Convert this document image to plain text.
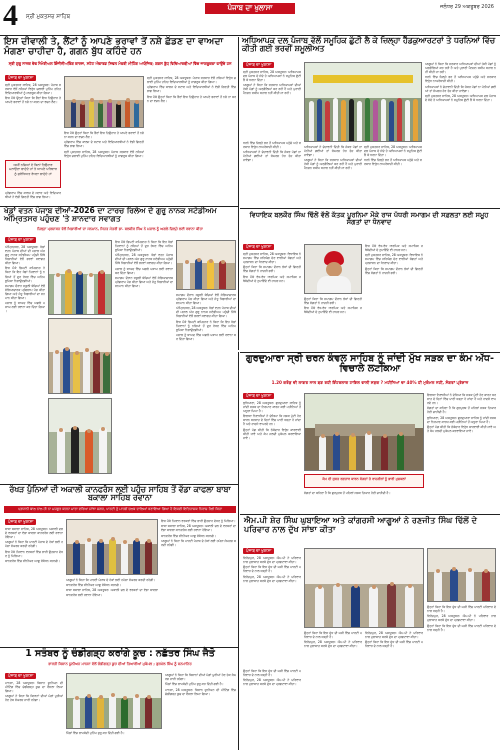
4 ਸ੍ਰੀ ਮੁਕਤਸਰ ਸਾਹਿਬ
ਪੰਜਾਬ ਦਾ ਖੁਲਾਸਾ	ਜਲੰਧਰ 29 ਅਕਤੂਬਰ 2026
ਇਸ ਦੀਵਾਲੀ ਤੇ, ਲੈਂਟਾਂ ਨੂੰ ਆਪਣੇ ਭਰਾਵਾਂ ਤੋਂ ਨਸ਼ੇ ਛੱਡਣ ਦਾ ਵਾਅਦਾ ਮੰਗਣਾ ਚਾਹੀਦਾ ਹੈ, ਗਗਨ ਬੁੱਧ ਕਹਿੰਦੇ ਹਨ
ਸ੍ਰੀ ਗੁਰੂ ਨਾਨਕ ਦੇਵ ਮੈਮੋਰੀਅਲ ਇੰਜੀਨੀਅਰਿੰਗ ਕਾਲਜ, ਸਟੇਟ ਐਵਾਰਡ ਸਿਵਲ ਮੰਤਰੀ ਮੀਟਿੰਗ ਆਯੋਜਿਤ; ਗਗਨ ਬੁੱਧ ਵਿਦਿਆਰਥੀਆਂ ਵਿੱਚ ਜਾਗਰੂਕਤਾ ਫਾਉਂਦੇ ਹਨ
ਪੰਜਾਬ ਦਾ ਖੁਲਾਸਾ

ਸ੍ਰੀ ਮੁਕਤਸਰ ਸਾਹਿਬ, 28 ਅਕਤੂਬਰ: ਪੰਜਾਬ ਸਰਕਾਰ ਵੱਲੋਂ ਨਸ਼ਿਆਂ ਵਿਰੁੱਧ ਚਲਾਈ ਮੁਹਿੰਮ ਤਹਿਤ ਵਿਦਿਆਰਥੀਆਂ ਨੂੰ ਜਾਗਰੂਕ ਕੀਤਾ ਗਿਆ।

ਇਸ ਮੌਕੇ ਉਨ੍ਹਾਂ ਕਿਹਾ ਕਿ ਭੈਣਾਂ ਇਸ ਤਿਉਹਾਰ ਤੇ ਆਪਣੇ ਭਰਾਵਾਂ ਤੋਂ ਨਸ਼ੇ ਨਾ ਕਰਨ ਦਾ ਵਚਨ ਲੈਣ।

ਅਸੀਂ ਨਸ਼ਿਆਂ ਦੇ ਬਿਨਾਂ ਤਿਉਹਾਰ ਮਨਾਉਣਾ ਚਾਹੁੰਦੇ ਹਾਂ ਤੇ ਆਪਣੇ ਪਰਿਵਾਰ ਨੂੰ ਸੁਰੱਖਿਅਤ ਰੱਖਣਾ ਚਾਹੁੰਦੇ ਹਾਂ

ਪ੍ਰੋਗਰਾਮ ਵਿੱਚ ਕਾਲਜ ਦੇ ਸਟਾਫ ਅਤੇ ਵਿਦਿਆਰਥੀਆਂ ਨੇ ਵੱਡੀ ਗਿਣਤੀ ਵਿੱਚ ਭਾਗ ਲਿਆ।

ਇਸ ਮੌਕੇ ਉਨ੍ਹਾਂ ਕਿਹਾ ਕਿ ਭੈਣਾਂ ਇਸ ਤਿਉਹਾਰ ਤੇ ਆਪਣੇ ਭਰਾਵਾਂ ਤੋਂ ਨਸ਼ੇ ਨਾ ਕਰਨ ਦਾ ਵਚਨ ਲੈਣ।

ਪ੍ਰੋਗਰਾਮ ਵਿੱਚ ਕਾਲਜ ਦੇ ਸਟਾਫ ਅਤੇ ਵਿਦਿਆਰਥੀਆਂ ਨੇ ਵੱਡੀ ਗਿਣਤੀ ਵਿੱਚ ਭਾਗ ਲਿਆ।

ਸ੍ਰੀ ਮੁਕਤਸਰ ਸਾਹਿਬ, 28 ਅਕਤੂਬਰ: ਪੰਜਾਬ ਸਰਕਾਰ ਵੱਲੋਂ ਨਸ਼ਿਆਂ ਵਿਰੁੱਧ ਚਲਾਈ ਮੁਹਿੰਮ ਤਹਿਤ ਵਿਦਿਆਰਥੀਆਂ ਨੂੰ ਜਾਗਰੂਕ ਕੀਤਾ ਗਿਆ।

ਸ੍ਰੀ ਮੁਕਤਸਰ ਸਾਹਿਬ, 28 ਅਕਤੂਬਰ: ਪੰਜਾਬ ਸਰਕਾਰ ਵੱਲੋਂ ਨਸ਼ਿਆਂ ਵਿਰੁੱਧ ਚਲਾਈ ਮੁਹਿੰਮ ਤਹਿਤ ਵਿਦਿਆਰਥੀਆਂ ਨੂੰ ਜਾਗਰੂਕ ਕੀਤਾ ਗਿਆ।

ਪ੍ਰੋਗਰਾਮ ਵਿੱਚ ਕਾਲਜ ਦੇ ਸਟਾਫ ਅਤੇ ਵਿਦਿਆਰਥੀਆਂ ਨੇ ਵੱਡੀ ਗਿਣਤੀ ਵਿੱਚ ਭਾਗ ਲਿਆ।

ਇਸ ਮੌਕੇ ਉਨ੍ਹਾਂ ਕਿਹਾ ਕਿ ਭੈਣਾਂ ਇਸ ਤਿਉਹਾਰ ਤੇ ਆਪਣੇ ਭਰਾਵਾਂ ਤੋਂ ਨਸ਼ੇ ਨਾ ਕਰਨ ਦਾ ਵਚਨ ਲੈਣ।

ਖੇਡਾਂ ਵਤਨ ਪੰਜਾਬ ਦੀਆਂ-2026 ਦਾ ਟਾਰਚ ਰਿਲੇਅ ਦੇ ਗੁਰੂ ਨਾਨਕ ਸਟੇਡੀਅਮ ਅੰਮ੍ਰਿਤਸਰ ਪਹੁੰਚਣ 'ਤੇ ਸ਼ਾਨਦਾਰ ਸਵਾਗਤ
ਜ਼ਿਲ੍ਹਾ ਪ੍ਰਸ਼ਾਸਨ ਵੱਲੋਂ ਖਿਡਾਰੀਆਂ ਦਾ ਸਨਮਾਨ, ਸਿਹਤ ਮੰਤਰੀ ਡਾ. ਬਲਬੀਰ ਸਿੰਘ ਨੇ ਮਸ਼ਾਲ ਨੂੰ ਅਗਲੇ ਜ਼ਿਲ੍ਹੇ ਲਈ ਰਵਾਨਾ ਕੀਤਾ
ਪੰਜਾਬ ਦਾ ਖੁਲਾਸਾ

ਅੰਮ੍ਰਿਤਸਰ, 28 ਅਕਤੂਬਰ: ਖੇਡਾਂ ਵਤਨ ਪੰਜਾਬ ਦੀਆਂ ਦੀ ਮਸ਼ਾਲ ਅੱਜ ਗੁਰੂ ਨਾਨਕ ਸਟੇਡੀਅਮ ਪਹੁੰਚੀ ਜਿੱਥੇ ਖਿਡਾਰੀਆਂ ਵੱਲੋਂ ਭਰਵਾਂ ਸਵਾਗਤ ਕੀਤਾ ਗਿਆ।

ਇਸ ਮੌਕੇ ਡਿਪਟੀ ਕਮਿਸ਼ਨਰ ਨੇ ਕਿਹਾ ਕਿ ਇਹ ਖੇਡਾਂ ਨੌਜਵਾਨਾਂ ਨੂੰ ਨਸ਼ਿਆਂ ਤੋਂ ਦੂਰ ਰੱਖਣ ਵਿੱਚ ਅਹਿਮ ਭੂਮਿਕਾ ਨਿਭਾਉਣਗੀਆਂ।

ਸਮਾਗਮ ਦੌਰਾਨ ਸਕੂਲੀ ਬੱਚਿਆਂ ਵੱਲੋਂ ਸੱਭਿਆਚਾਰਕ ਪ੍ਰੋਗਰਾਮ ਪੇਸ਼ ਕੀਤਾ ਗਿਆ ਅਤੇ ਜੇਤੂ ਖਿਡਾਰੀਆਂ ਦਾ ਸਨਮਾਨ ਕੀਤਾ ਗਿਆ।

ਮਸ਼ਾਲ ਨੂੰ ਬਾਅਦ ਵਿੱਚ ਅਗਲੇ ਪੜਾਅ ਲਈ ਰਵਾਨਾ ਕਰ ਦਿੱਤਾ ਗਿਆ।

ਇਸ ਮੌਕੇ ਡਿਪਟੀ ਕਮਿਸ਼ਨਰ ਨੇ ਕਿਹਾ ਕਿ ਇਹ ਖੇਡਾਂ ਨੌਜਵਾਨਾਂ ਨੂੰ ਨਸ਼ਿਆਂ ਤੋਂ ਦੂਰ ਰੱਖਣ ਵਿੱਚ ਅਹਿਮ ਭੂਮਿਕਾ ਨਿਭਾਉਣਗੀਆਂ।

ਅੰਮ੍ਰਿਤਸਰ, 28 ਅਕਤੂਬਰ: ਖੇਡਾਂ ਵਤਨ ਪੰਜਾਬ ਦੀਆਂ ਦੀ ਮਸ਼ਾਲ ਅੱਜ ਗੁਰੂ ਨਾਨਕ ਸਟੇਡੀਅਮ ਪਹੁੰਚੀ ਜਿੱਥੇ ਖਿਡਾਰੀਆਂ ਵੱਲੋਂ ਭਰਵਾਂ ਸਵਾਗਤ ਕੀਤਾ ਗਿਆ।

ਮਸ਼ਾਲ ਨੂੰ ਬਾਅਦ ਵਿੱਚ ਅਗਲੇ ਪੜਾਅ ਲਈ ਰਵਾਨਾ ਕਰ ਦਿੱਤਾ ਗਿਆ।

ਸਮਾਗਮ ਦੌਰਾਨ ਸਕੂਲੀ ਬੱਚਿਆਂ ਵੱਲੋਂ ਸੱਭਿਆਚਾਰਕ ਪ੍ਰੋਗਰਾਮ ਪੇਸ਼ ਕੀਤਾ ਗਿਆ ਅਤੇ ਜੇਤੂ ਖਿਡਾਰੀਆਂ ਦਾ ਸਨਮਾਨ ਕੀਤਾ ਗਿਆ।

ਸਮਾਗਮ ਦੌਰਾਨ ਸਕੂਲੀ ਬੱਚਿਆਂ ਵੱਲੋਂ ਸੱਭਿਆਚਾਰਕ ਪ੍ਰੋਗਰਾਮ ਪੇਸ਼ ਕੀਤਾ ਗਿਆ ਅਤੇ ਜੇਤੂ ਖਿਡਾਰੀਆਂ ਦਾ ਸਨਮਾਨ ਕੀਤਾ ਗਿਆ।

ਅੰਮ੍ਰਿਤਸਰ, 28 ਅਕਤੂਬਰ: ਖੇਡਾਂ ਵਤਨ ਪੰਜਾਬ ਦੀਆਂ ਦੀ ਮਸ਼ਾਲ ਅੱਜ ਗੁਰੂ ਨਾਨਕ ਸਟੇਡੀਅਮ ਪਹੁੰਚੀ ਜਿੱਥੇ ਖਿਡਾਰੀਆਂ ਵੱਲੋਂ ਭਰਵਾਂ ਸਵਾਗਤ ਕੀਤਾ ਗਿਆ।

ਇਸ ਮੌਕੇ ਡਿਪਟੀ ਕਮਿਸ਼ਨਰ ਨੇ ਕਿਹਾ ਕਿ ਇਹ ਖੇਡਾਂ ਨੌਜਵਾਨਾਂ ਨੂੰ ਨਸ਼ਿਆਂ ਤੋਂ ਦੂਰ ਰੱਖਣ ਵਿੱਚ ਅਹਿਮ ਭੂਮਿਕਾ ਨਿਭਾਉਣਗੀਆਂ।

ਮਸ਼ਾਲ ਨੂੰ ਬਾਅਦ ਵਿੱਚ ਅਗਲੇ ਪੜਾਅ ਲਈ ਰਵਾਨਾ ਕਰ ਦਿੱਤਾ ਗਿਆ।

ਅਧਿਆਪਕ ਦਲ ਪੰਜਾਬ ਵੱਲੋਂ ਸਮੂਹਿਕ ਛੁੱਟੀ ਲੈ ਕੇ ਜ਼ਿਲ੍ਹਾ ਹੈੱਡਕੁਆਰਟਰਾਂ ਤੇ ਧਰਨਿਆਂ ਵਿੱਚ ਕੀਤੀ ਗਈ ਭਰਵੀਂ ਸ਼ਮੂਲੀਅਤ
ਪੰਜਾਬ ਦਾ ਖੁਲਾਸਾ

ਸ੍ਰੀ ਮੁਕਤਸਰ ਸਾਹਿਬ, 28 ਅਕਤੂਬਰ: ਅਧਿਆਪਕ ਦਲ ਪੰਜਾਬ ਦੇ ਸੱਦੇ ਤੇ ਅਧਿਆਪਕਾਂ ਨੇ ਸਮੂਹਿਕ ਛੁੱਟੀ ਲੈ ਕੇ ਧਰਨਾ ਦਿੱਤਾ।

ਆਗੂਆਂ ਨੇ ਕਿਹਾ ਕਿ ਸਰਕਾਰ ਅਧਿਆਪਕਾਂ ਦੀਆਂ ਹੱਕੀ ਮੰਗਾਂ ਨੂੰ ਅਣਗੌਲਿਆਂ ਕਰ ਰਹੀ ਹੈ ਅਤੇ ਪੁਰਾਣੀ ਪੈਨਸ਼ਨ ਸਕੀਮ ਬਹਾਲ ਨਹੀਂ ਕੀਤੀ ਜਾ ਰਹੀ।

ਆਗੂਆਂ ਨੇ ਕਿਹਾ ਕਿ ਸਰਕਾਰ ਅਧਿਆਪਕਾਂ ਦੀਆਂ ਹੱਕੀ ਮੰਗਾਂ ਨੂੰ ਅਣਗੌਲਿਆਂ ਕਰ ਰਹੀ ਹੈ ਅਤੇ ਪੁਰਾਣੀ ਪੈਨਸ਼ਨ ਸਕੀਮ ਬਹਾਲ ਨਹੀਂ ਕੀਤੀ ਜਾ ਰਹੀ।

ਧਰਨੇ ਵਿੱਚ ਜ਼ਿਲ੍ਹੇ ਭਰ ਤੋਂ ਅਧਿਆਪਕ ਪਹੁੰਚੇ ਅਤੇ ਸਰਕਾਰ ਵਿਰੁੱਧ ਨਾਅਰੇਬਾਜ਼ੀ ਕੀਤੀ।

ਅਧਿਆਪਕਾਂ ਨੇ ਚੇਤਾਵਨੀ ਦਿੱਤੀ ਕਿ ਜੇਕਰ ਮੰਗਾਂ ਨਾ ਮੰਨੀਆਂ ਗਈਆਂ ਤਾਂ ਸੰਘਰਸ਼ ਹੋਰ ਤੇਜ਼ ਕੀਤਾ ਜਾਵੇਗਾ।

ਸ੍ਰੀ ਮੁਕਤਸਰ ਸਾਹਿਬ, 28 ਅਕਤੂਬਰ: ਅਧਿਆਪਕ ਦਲ ਪੰਜਾਬ ਦੇ ਸੱਦੇ ਤੇ ਅਧਿਆਪਕਾਂ ਨੇ ਸਮੂਹਿਕ ਛੁੱਟੀ ਲੈ ਕੇ ਧਰਨਾ ਦਿੱਤਾ।

ਧਰਨੇ ਵਿੱਚ ਜ਼ਿਲ੍ਹੇ ਭਰ ਤੋਂ ਅਧਿਆਪਕ ਪਹੁੰਚੇ ਅਤੇ ਸਰਕਾਰ ਵਿਰੁੱਧ ਨਾਅਰੇਬਾਜ਼ੀ ਕੀਤੀ।

ਅਧਿਆਪਕਾਂ ਨੇ ਚੇਤਾਵਨੀ ਦਿੱਤੀ ਕਿ ਜੇਕਰ ਮੰਗਾਂ ਨਾ ਮੰਨੀਆਂ ਗਈਆਂ ਤਾਂ ਸੰਘਰਸ਼ ਹੋਰ ਤੇਜ਼ ਕੀਤਾ ਜਾਵੇਗਾ।

ਅਧਿਆਪਕਾਂ ਨੇ ਚੇਤਾਵਨੀ ਦਿੱਤੀ ਕਿ ਜੇਕਰ ਮੰਗਾਂ ਨਾ ਮੰਨੀਆਂ ਗਈਆਂ ਤਾਂ ਸੰਘਰਸ਼ ਹੋਰ ਤੇਜ਼ ਕੀਤਾ ਜਾਵੇਗਾ।

ਆਗੂਆਂ ਨੇ ਕਿਹਾ ਕਿ ਸਰਕਾਰ ਅਧਿਆਪਕਾਂ ਦੀਆਂ ਹੱਕੀ ਮੰਗਾਂ ਨੂੰ ਅਣਗੌਲਿਆਂ ਕਰ ਰਹੀ ਹੈ ਅਤੇ ਪੁਰਾਣੀ ਪੈਨਸ਼ਨ ਸਕੀਮ ਬਹਾਲ ਨਹੀਂ ਕੀਤੀ ਜਾ ਰਹੀ।

ਸ੍ਰੀ ਮੁਕਤਸਰ ਸਾਹਿਬ, 28 ਅਕਤੂਬਰ: ਅਧਿਆਪਕ ਦਲ ਪੰਜਾਬ ਦੇ ਸੱਦੇ ਤੇ ਅਧਿਆਪਕਾਂ ਨੇ ਸਮੂਹਿਕ ਛੁੱਟੀ ਲੈ ਕੇ ਧਰਨਾ ਦਿੱਤਾ।

ਧਰਨੇ ਵਿੱਚ ਜ਼ਿਲ੍ਹੇ ਭਰ ਤੋਂ ਅਧਿਆਪਕ ਪਹੁੰਚੇ ਅਤੇ ਸਰਕਾਰ ਵਿਰੁੱਧ ਨਾਅਰੇਬਾਜ਼ੀ ਕੀਤੀ।

ਵਿਧਾਇਕ ਬਲਕੌਰ ਸਿੰਘ ਢਿੱਲੋਂ ਵੱਲੋਂ ਕੱਤਕ ਪੂਰਨਿਮਾ ਮੌਕੇ ਰਾਜ ਪੱਧਰੀ ਸਮਾਗਮ ਦੀ ਸਫ਼ਲਤਾ ਲਈ ਸਮੂਹ ਸੰਗਤਾਂ ਦਾ ਧੰਨਵਾਦ
ਪੰਜਾਬ ਦਾ ਖੁਲਾਸਾ

ਸ੍ਰੀ ਮੁਕਤਸਰ ਸਾਹਿਬ, 28 ਅਕਤੂਬਰ: ਵਿਧਾਇਕ ਨੇ ਸਮਾਗਮ ਵਿੱਚ ਸਹਿਯੋਗ ਦੇਣ ਵਾਲੀਆਂ ਸੰਗਤਾਂ ਅਤੇ ਪ੍ਰਸ਼ਾਸਨ ਦਾ ਧੰਨਵਾਦ ਕੀਤਾ।

ਉਨ੍ਹਾਂ ਕਿਹਾ ਕਿ ਸਮਾਗਮ ਦੌਰਾਨ ਲੱਖਾਂ ਦੀ ਗਿਣਤੀ ਵਿੱਚ ਸੰਗਤਾਂ ਨੇ ਹਾਜ਼ਰੀ ਭਰੀ।

ਇਸ ਮੌਕੇ ਵੱਖ-ਵੱਖ ਧਾਰਮਿਕ ਅਤੇ ਸਮਾਜਿਕ ਜਥੇਬੰਦੀਆਂ ਦੇ ਨੁਮਾਇੰਦੇ ਵੀ ਹਾਜ਼ਰ ਸਨ।

ਉਨ੍ਹਾਂ ਕਿਹਾ ਕਿ ਸਮਾਗਮ ਦੌਰਾਨ ਲੱਖਾਂ ਦੀ ਗਿਣਤੀ ਵਿੱਚ ਸੰਗਤਾਂ ਨੇ ਹਾਜ਼ਰੀ ਭਰੀ।

ਇਸ ਮੌਕੇ ਵੱਖ-ਵੱਖ ਧਾਰਮਿਕ ਅਤੇ ਸਮਾਜਿਕ ਜਥੇਬੰਦੀਆਂ ਦੇ ਨੁਮਾਇੰਦੇ ਵੀ ਹਾਜ਼ਰ ਸਨ।

ਇਸ ਮੌਕੇ ਵੱਖ-ਵੱਖ ਧਾਰਮਿਕ ਅਤੇ ਸਮਾਜਿਕ ਜਥੇਬੰਦੀਆਂ ਦੇ ਨੁਮਾਇੰਦੇ ਵੀ ਹਾਜ਼ਰ ਸਨ।

ਸ੍ਰੀ ਮੁਕਤਸਰ ਸਾਹਿਬ, 28 ਅਕਤੂਬਰ: ਵਿਧਾਇਕ ਨੇ ਸਮਾਗਮ ਵਿੱਚ ਸਹਿਯੋਗ ਦੇਣ ਵਾਲੀਆਂ ਸੰਗਤਾਂ ਅਤੇ ਪ੍ਰਸ਼ਾਸਨ ਦਾ ਧੰਨਵਾਦ ਕੀਤਾ।

ਉਨ੍ਹਾਂ ਕਿਹਾ ਕਿ ਸਮਾਗਮ ਦੌਰਾਨ ਲੱਖਾਂ ਦੀ ਗਿਣਤੀ ਵਿੱਚ ਸੰਗਤਾਂ ਨੇ ਹਾਜ਼ਰੀ ਭਰੀ।

ਗੁਰਦੁਆਰਾ ਸ੍ਰੀ ਚਰਨ ਕੰਵਲ ਸਾਹਿਬ ਨੂੰ ਜਾਂਦੀ ਮੁੱਖ ਸੜਕ ਦਾ ਕੰਮ ਅੱਧ-ਵਿਚਾਲੇ ਲਟਕਿਆ
1.20 ਕਰੋੜ ਦੀ ਲਾਗਤ ਨਾਲ ਬਣ ਰਹੀ ਇੰਟਰਲਾਕ ਟਾਇਲ ਵਾਲੀ ਸੜਕ ? ਮਹੀਨਿਆਂ ਦਾ 40% ਹੀ ਮੁਕੰਮਲ ਨਹੀਂ, ਸੰਗਤਾਂ ਪ੍ਰੇਸ਼ਾਨ
ਪੰਜਾਬ ਦਾ ਖੁਲਾਸਾ

ਲੁਧਿਆਣਾ, 28 ਅਕਤੂਬਰ: ਗੁਰਦੁਆਰਾ ਸਾਹਿਬ ਨੂੰ ਜਾਂਦੀ ਸੜਕ ਦਾ ਨਿਰਮਾਣ ਕਾਰਜ ਕਈ ਮਹੀਨਿਆਂ ਤੋਂ ਅਧੂਰਾ ਪਿਆ ਹੈ।

ਇਲਾਕਾ ਨਿਵਾਸੀਆਂ ਨੇ ਦੱਸਿਆ ਕਿ ਸੜਕ ਪੁੱਟੀ ਹੋਣ ਕਾਰਨ ਬਰਸਾਤ ਦੇ ਦਿਨਾਂ ਵਿੱਚ ਪਾਣੀ ਖੜ੍ਹਾ ਹੋ ਜਾਂਦਾ ਹੈ ਅਤੇ ਹਾਦਸੇ ਵਾਪਰਦੇ ਹਨ।

ਉਨ੍ਹਾਂ ਮੰਗ ਕੀਤੀ ਕਿ ਠੇਕੇਦਾਰ ਵਿਰੁੱਧ ਕਾਰਵਾਈ ਕੀਤੀ ਜਾਵੇ ਅਤੇ ਕੰਮ ਜਲਦੀ ਮੁਕੰਮਲ ਕਰਵਾਇਆ ਜਾਵੇ।

ਕੰਮ ਦੀ ਸੁਸਤ ਰਫ਼ਤਾਰ ਕਾਰਨ ਸੰਗਤਾਂ ਤੇ ਰਾਹਗੀਰਾਂ ਨੂੰ ਭਾਰੀ ਮੁਸ਼ਕਲਾਂ

ਸੰਗਤਾਂ ਦਾ ਕਹਿਣਾ ਹੈ ਕਿ ਗੁਰਪੁਰਬ ਤੋਂ ਪਹਿਲਾਂ ਸੜਕ ਤਿਆਰ ਹੋਣੀ ਚਾਹੀਦੀ ਹੈ।

ਇਲਾਕਾ ਨਿਵਾਸੀਆਂ ਨੇ ਦੱਸਿਆ ਕਿ ਸੜਕ ਪੁੱਟੀ ਹੋਣ ਕਾਰਨ ਬਰਸਾਤ ਦੇ ਦਿਨਾਂ ਵਿੱਚ ਪਾਣੀ ਖੜ੍ਹਾ ਹੋ ਜਾਂਦਾ ਹੈ ਅਤੇ ਹਾਦਸੇ ਵਾਪਰਦੇ ਹਨ।

ਸੰਗਤਾਂ ਦਾ ਕਹਿਣਾ ਹੈ ਕਿ ਗੁਰਪੁਰਬ ਤੋਂ ਪਹਿਲਾਂ ਸੜਕ ਤਿਆਰ ਹੋਣੀ ਚਾਹੀਦੀ ਹੈ।

ਲੁਧਿਆਣਾ, 28 ਅਕਤੂਬਰ: ਗੁਰਦੁਆਰਾ ਸਾਹਿਬ ਨੂੰ ਜਾਂਦੀ ਸੜਕ ਦਾ ਨਿਰਮਾਣ ਕਾਰਜ ਕਈ ਮਹੀਨਿਆਂ ਤੋਂ ਅਧੂਰਾ ਪਿਆ ਹੈ।

ਉਨ੍ਹਾਂ ਮੰਗ ਕੀਤੀ ਕਿ ਠੇਕੇਦਾਰ ਵਿਰੁੱਧ ਕਾਰਵਾਈ ਕੀਤੀ ਜਾਵੇ ਅਤੇ ਕੰਮ ਜਲਦੀ ਮੁਕੰਮਲ ਕਰਵਾਇਆ ਜਾਵੇ।

ਰੱਖੜ ਪੁੰਨਿਆਂ ਦੀ ਅਕਾਲੀ ਕਾਨਫਰੰਸ ਲਈ ਪਹੁੰਚ ਸਾਹਿਬ ਤੋਂ ਵੱਡਾ ਕਾਫਲਾ ਬਾਬਾ ਬਕਾਲਾ ਸਾਹਿਬ ਰਵਾਨਾ
ਪ੍ਰਧਾਨੀ ਕਾਲ ਨਾਲ ਹੀ ਨਾ ਮਜਬੂਤ ਕਰਨਾ ਮਾਤਾ ਦਰਿਆ ਸਾਂਝਾ ਸਗਰ, ਪਾਰਟੀ ਨੂੰ ਮਾਰਗੋਂ ਦਲਕ ਦਾਲਿਆਂ ਬਣਾਇਆ ਗਿਆ ਹੈ ਇਸਦੀ ਇਤਿਹਾਸਕ ਨਿਰਾਸ਼ ਰੈਲੀ ਕਿਹਾ
ਪੰਜਾਬ ਦਾ ਖੁਲਾਸਾ

ਬਾਬਾ ਬਕਾਲਾ ਸਾਹਿਬ, 28 ਅਕਤੂਬਰ: ਅਕਾਲੀ ਦਲ ਦੇ ਵਰਕਰਾਂ ਦਾ ਵੱਡਾ ਕਾਫਲਾ ਕਾਨਫਰੰਸ ਲਈ ਰਵਾਨਾ ਹੋਇਆ।

ਆਗੂਆਂ ਨੇ ਕਿਹਾ ਕਿ ਪਾਰਟੀ ਪੰਜਾਬ ਦੇ ਹੱਕਾਂ ਲਈ ਹਮੇਸ਼ਾ ਸੰਘਰਸ਼ ਕਰਦੀ ਰਹੇਗੀ।

ਇਸ ਮੌਕੇ ਨੌਜਵਾਨ ਵਰਕਰਾਂ ਵਿੱਚ ਭਾਰੀ ਉਤਸ਼ਾਹ ਦੇਖਣ ਨੂੰ ਮਿਲਿਆ।

ਕਾਨਫਰੰਸ ਵਿੱਚ ਸੀਨੀਅਰ ਆਗੂ ਸੰਬੋਧਨ ਕਰਨਗੇ।

ਆਗੂਆਂ ਨੇ ਕਿਹਾ ਕਿ ਪਾਰਟੀ ਪੰਜਾਬ ਦੇ ਹੱਕਾਂ ਲਈ ਹਮੇਸ਼ਾ ਸੰਘਰਸ਼ ਕਰਦੀ ਰਹੇਗੀ।

ਕਾਨਫਰੰਸ ਵਿੱਚ ਸੀਨੀਅਰ ਆਗੂ ਸੰਬੋਧਨ ਕਰਨਗੇ।

ਬਾਬਾ ਬਕਾਲਾ ਸਾਹਿਬ, 28 ਅਕਤੂਬਰ: ਅਕਾਲੀ ਦਲ ਦੇ ਵਰਕਰਾਂ ਦਾ ਵੱਡਾ ਕਾਫਲਾ ਕਾਨਫਰੰਸ ਲਈ ਰਵਾਨਾ ਹੋਇਆ।

ਇਸ ਮੌਕੇ ਨੌਜਵਾਨ ਵਰਕਰਾਂ ਵਿੱਚ ਭਾਰੀ ਉਤਸ਼ਾਹ ਦੇਖਣ ਨੂੰ ਮਿਲਿਆ।

ਬਾਬਾ ਬਕਾਲਾ ਸਾਹਿਬ, 28 ਅਕਤੂਬਰ: ਅਕਾਲੀ ਦਲ ਦੇ ਵਰਕਰਾਂ ਦਾ ਵੱਡਾ ਕਾਫਲਾ ਕਾਨਫਰੰਸ ਲਈ ਰਵਾਨਾ ਹੋਇਆ।

ਕਾਨਫਰੰਸ ਵਿੱਚ ਸੀਨੀਅਰ ਆਗੂ ਸੰਬੋਧਨ ਕਰਨਗੇ।

ਆਗੂਆਂ ਨੇ ਕਿਹਾ ਕਿ ਪਾਰਟੀ ਪੰਜਾਬ ਦੇ ਹੱਕਾਂ ਲਈ ਹਮੇਸ਼ਾ ਸੰਘਰਸ਼ ਕਰਦੀ ਰਹੇਗੀ।

ਐਮ.ਪੀ ਸ਼ੇਰ ਸਿੰਘ ਘੁਬਾਇਆ ਅਤੇ ਕਾਂਗਰਸੀ ਆਗੂਆਂ ਨੇ ਰਣਜੀਤ ਸਿੰਘ ਢਿੱਲੋਂ ਦੇ ਪਰਿਵਾਰ ਨਾਲ ਦੁੱਖ ਸਾਂਝਾ ਕੀਤਾ
ਪੰਜਾਬ ਦਾ ਖੁਲਾਸਾ

ਫਿਰੋਜ਼ਪੁਰ, 28 ਅਕਤੂਬਰ: ਐਮ.ਪੀ ਨੇ ਪਰਿਵਾਰ ਨਾਲ ਮੁਲਾਕਾਤ ਕਰਕੇ ਦੁੱਖ ਦਾ ਪ੍ਰਗਟਾਵਾ ਕੀਤਾ।

ਉਨ੍ਹਾਂ ਕਿਹਾ ਕਿ ਇਸ ਦੁੱਖ ਦੀ ਘੜੀ ਵਿੱਚ ਪਾਰਟੀ ਪਰਿਵਾਰ ਦੇ ਨਾਲ ਖੜ੍ਹੀ ਹੈ।

ਫਿਰੋਜ਼ਪੁਰ, 28 ਅਕਤੂਬਰ: ਐਮ.ਪੀ ਨੇ ਪਰਿਵਾਰ ਨਾਲ ਮੁਲਾਕਾਤ ਕਰਕੇ ਦੁੱਖ ਦਾ ਪ੍ਰਗਟਾਵਾ ਕੀਤਾ।

ਉਨ੍ਹਾਂ ਕਿਹਾ ਕਿ ਇਸ ਦੁੱਖ ਦੀ ਘੜੀ ਵਿੱਚ ਪਾਰਟੀ ਪਰਿਵਾਰ ਦੇ ਨਾਲ ਖੜ੍ਹੀ ਹੈ।

ਫਿਰੋਜ਼ਪੁਰ, 28 ਅਕਤੂਬਰ: ਐਮ.ਪੀ ਨੇ ਪਰਿਵਾਰ ਨਾਲ ਮੁਲਾਕਾਤ ਕਰਕੇ ਦੁੱਖ ਦਾ ਪ੍ਰਗਟਾਵਾ ਕੀਤਾ।

ਫਿਰੋਜ਼ਪੁਰ, 28 ਅਕਤੂਬਰ: ਐਮ.ਪੀ ਨੇ ਪਰਿਵਾਰ ਨਾਲ ਮੁਲਾਕਾਤ ਕਰਕੇ ਦੁੱਖ ਦਾ ਪ੍ਰਗਟਾਵਾ ਕੀਤਾ।

ਉਨ੍ਹਾਂ ਕਿਹਾ ਕਿ ਇਸ ਦੁੱਖ ਦੀ ਘੜੀ ਵਿੱਚ ਪਾਰਟੀ ਪਰਿਵਾਰ ਦੇ ਨਾਲ ਖੜ੍ਹੀ ਹੈ।

ਉਨ੍ਹਾਂ ਕਿਹਾ ਕਿ ਇਸ ਦੁੱਖ ਦੀ ਘੜੀ ਵਿੱਚ ਪਾਰਟੀ ਪਰਿਵਾਰ ਦੇ ਨਾਲ ਖੜ੍ਹੀ ਹੈ।

ਫਿਰੋਜ਼ਪੁਰ, 28 ਅਕਤੂਬਰ: ਐਮ.ਪੀ ਨੇ ਪਰਿਵਾਰ ਨਾਲ ਮੁਲਾਕਾਤ ਕਰਕੇ ਦੁੱਖ ਦਾ ਪ੍ਰਗਟਾਵਾ ਕੀਤਾ।

ਉਨ੍ਹਾਂ ਕਿਹਾ ਕਿ ਇਸ ਦੁੱਖ ਦੀ ਘੜੀ ਵਿੱਚ ਪਾਰਟੀ ਪਰਿਵਾਰ ਦੇ ਨਾਲ ਖੜ੍ਹੀ ਹੈ।

ਉਨ੍ਹਾਂ ਕਿਹਾ ਕਿ ਇਸ ਦੁੱਖ ਦੀ ਘੜੀ ਵਿੱਚ ਪਾਰਟੀ ਪਰਿਵਾਰ ਦੇ ਨਾਲ ਖੜ੍ਹੀ ਹੈ।

ਫਿਰੋਜ਼ਪੁਰ, 28 ਅਕਤੂਬਰ: ਐਮ.ਪੀ ਨੇ ਪਰਿਵਾਰ ਨਾਲ ਮੁਲਾਕਾਤ ਕਰਕੇ ਦੁੱਖ ਦਾ ਪ੍ਰਗਟਾਵਾ ਕੀਤਾ।

1 ਸਤੰਬਰ ਨੂੰ ਚੰਡੀਗੜ੍ਹ ਕਰਾਂਗੇ ਕੂਚ : ਨਛੱਤਰ ਸਿੰਘ ਜੈਤੋ
ਭਾਰਤੀ ਕਿਸਾਨ ਯੂਨੀਅਨ ਮਾਨਸਾ ਵੱਲੋਂ ਚੰਡੀਗੜ੍ਹ ਕੂਚ ਦੀਆਂ ਤਿਆਰੀਆਂ ਮੁਕੰਮਲ ; ਗੁਰਮੇਲ ਸਿੰਘ ਨੂੰ ਸਨਮਾਨਿਤ
ਪੰਜਾਬ ਦਾ ਖੁਲਾਸਾ

ਮਾਨਸਾ, 28 ਅਕਤੂਬਰ: ਕਿਸਾਨ ਯੂਨੀਅਨ ਦੀ ਮੀਟਿੰਗ ਵਿੱਚ ਚੰਡੀਗੜ੍ਹ ਕੂਚ ਦਾ ਫੈਸਲਾ ਲਿਆ ਗਿਆ।

ਆਗੂਆਂ ਨੇ ਕਿਹਾ ਕਿ ਕਿਸਾਨਾਂ ਦੀਆਂ ਮੰਗਾਂ ਪੂਰੀਆਂ ਹੋਣ ਤੱਕ ਸੰਘਰਸ਼ ਜਾਰੀ ਰਹੇਗਾ।

ਪਿੰਡਾਂ ਵਿੱਚ ਲਾਮਬੰਦੀ ਮੁਹਿੰਮ ਸ਼ੁਰੂ ਕਰ ਦਿੱਤੀ ਗਈ ਹੈ।

ਆਗੂਆਂ ਨੇ ਕਿਹਾ ਕਿ ਕਿਸਾਨਾਂ ਦੀਆਂ ਮੰਗਾਂ ਪੂਰੀਆਂ ਹੋਣ ਤੱਕ ਸੰਘਰਸ਼ ਜਾਰੀ ਰਹੇਗਾ।

ਪਿੰਡਾਂ ਵਿੱਚ ਲਾਮਬੰਦੀ ਮੁਹਿੰਮ ਸ਼ੁਰੂ ਕਰ ਦਿੱਤੀ ਗਈ ਹੈ।

ਮਾਨਸਾ, 28 ਅਕਤੂਬਰ: ਕਿਸਾਨ ਯੂਨੀਅਨ ਦੀ ਮੀਟਿੰਗ ਵਿੱਚ ਚੰਡੀਗੜ੍ਹ ਕੂਚ ਦਾ ਫੈਸਲਾ ਲਿਆ ਗਿਆ।
